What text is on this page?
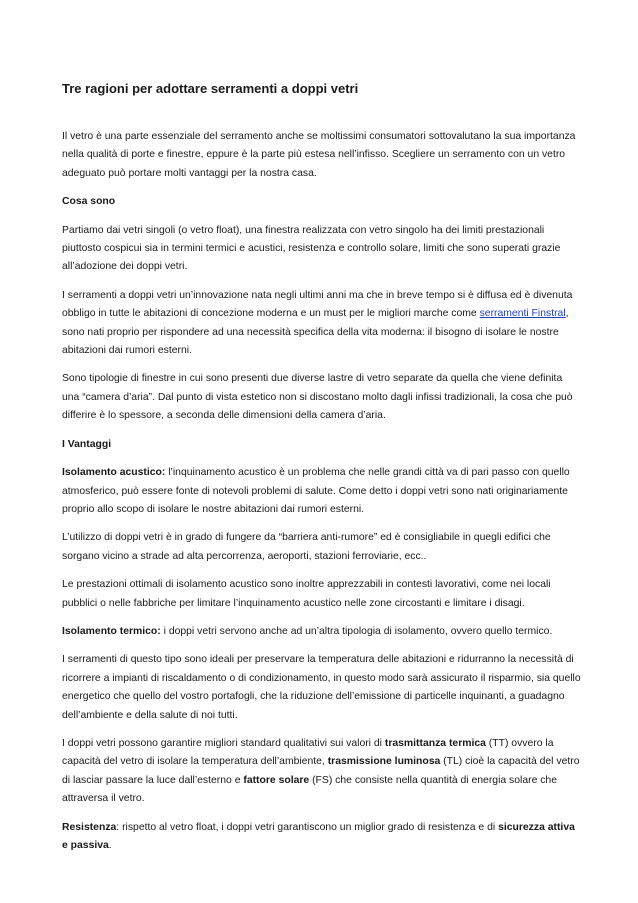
Tre ragioni per adottare serramenti a doppi vetri

Il vetro è una parte essenziale del serramento anche se moltissimi consumatori sottovalutano la sua importanza nella qualità di porte e finestre, eppure è la parte più estesa nell’infisso. Scegliere un serramento con un vetro adeguato può portare molti vantaggi per la nostra casa.

Cosa sono

Partiamo dai vetri singoli (o vetro float), una finestra realizzata con vetro singolo ha dei limiti prestazionali piuttosto cospicui sia in termini termici e acustici, resistenza e controllo solare, limiti che sono superati grazie all’adozione dei doppi vetri.

I serramenti a doppi vetri un’innovazione nata negli ultimi anni ma che in breve tempo si è diffusa ed è divenuta obbligo in tutte le abitazioni di concezione moderna e un must per le migliori marche come serramenti Finstral, sono nati proprio per rispondere ad una necessità specifica della vita moderna: il bisogno di isolare le nostre abitazioni dai rumori esterni.

Sono tipologie di finestre in cui sono presenti due diverse lastre di vetro separate da quella che viene definita una “camera d’aria”. Dal punto di vista estetico non si discostano molto dagli infissi tradizionali, la cosa che può differire è lo spessore, a seconda delle dimensioni della camera d’aria.

I Vantaggi

Isolamento acustico: l’inquinamento acustico è un problema che nelle grandi città va di pari passo con quello atmosferico, può essere fonte di notevoli problemi di salute. Come detto i doppi vetri sono nati originariamente proprio allo scopo di isolare le nostre abitazioni dai rumori esterni.

L’utilizzo di doppi vetri è in grado di fungere da “barriera anti-rumore” ed è consigliabile in quegli edifici che sorgano vicino a strade ad alta percorrenza, aeroporti, stazioni ferroviarie, ecc..

Le prestazioni ottimali di isolamento acustico sono inoltre apprezzabili in contesti lavorativi, come nei locali pubblici o nelle fabbriche per limitare l’inquinamento acustico nelle zone circostanti e limitare i disagi.

Isolamento termico: i doppi vetri servono anche ad un’altra tipologia di isolamento, ovvero quello termico.

I serramenti di questo tipo sono ideali per preservare la temperatura delle abitazioni e ridurranno la necessità di ricorrere a impianti di riscaldamento o di condizionamento, in questo modo sarà assicurato il risparmio, sia quello energetico che quello del vostro portafogli, che la riduzione dell’emissione di particelle inquinanti, a guadagno dell’ambiente e della salute di noi tutti.

I doppi vetri possono garantire migliori standard qualitativi sui valori di trasmittanza termica (TT) ovvero la capacità del vetro di isolare la temperatura dell’ambiente, trasmissione luminosa (TL) cioè la capacità del vetro di lasciar passare la luce dall’esterno e fattore solare (FS) che consiste nella quantità di energia solare che attraversa il vetro.

Resistenza: rispetto al vetro float, i doppi vetri garantiscono un miglior grado di resistenza e di sicurezza attiva e passiva.
